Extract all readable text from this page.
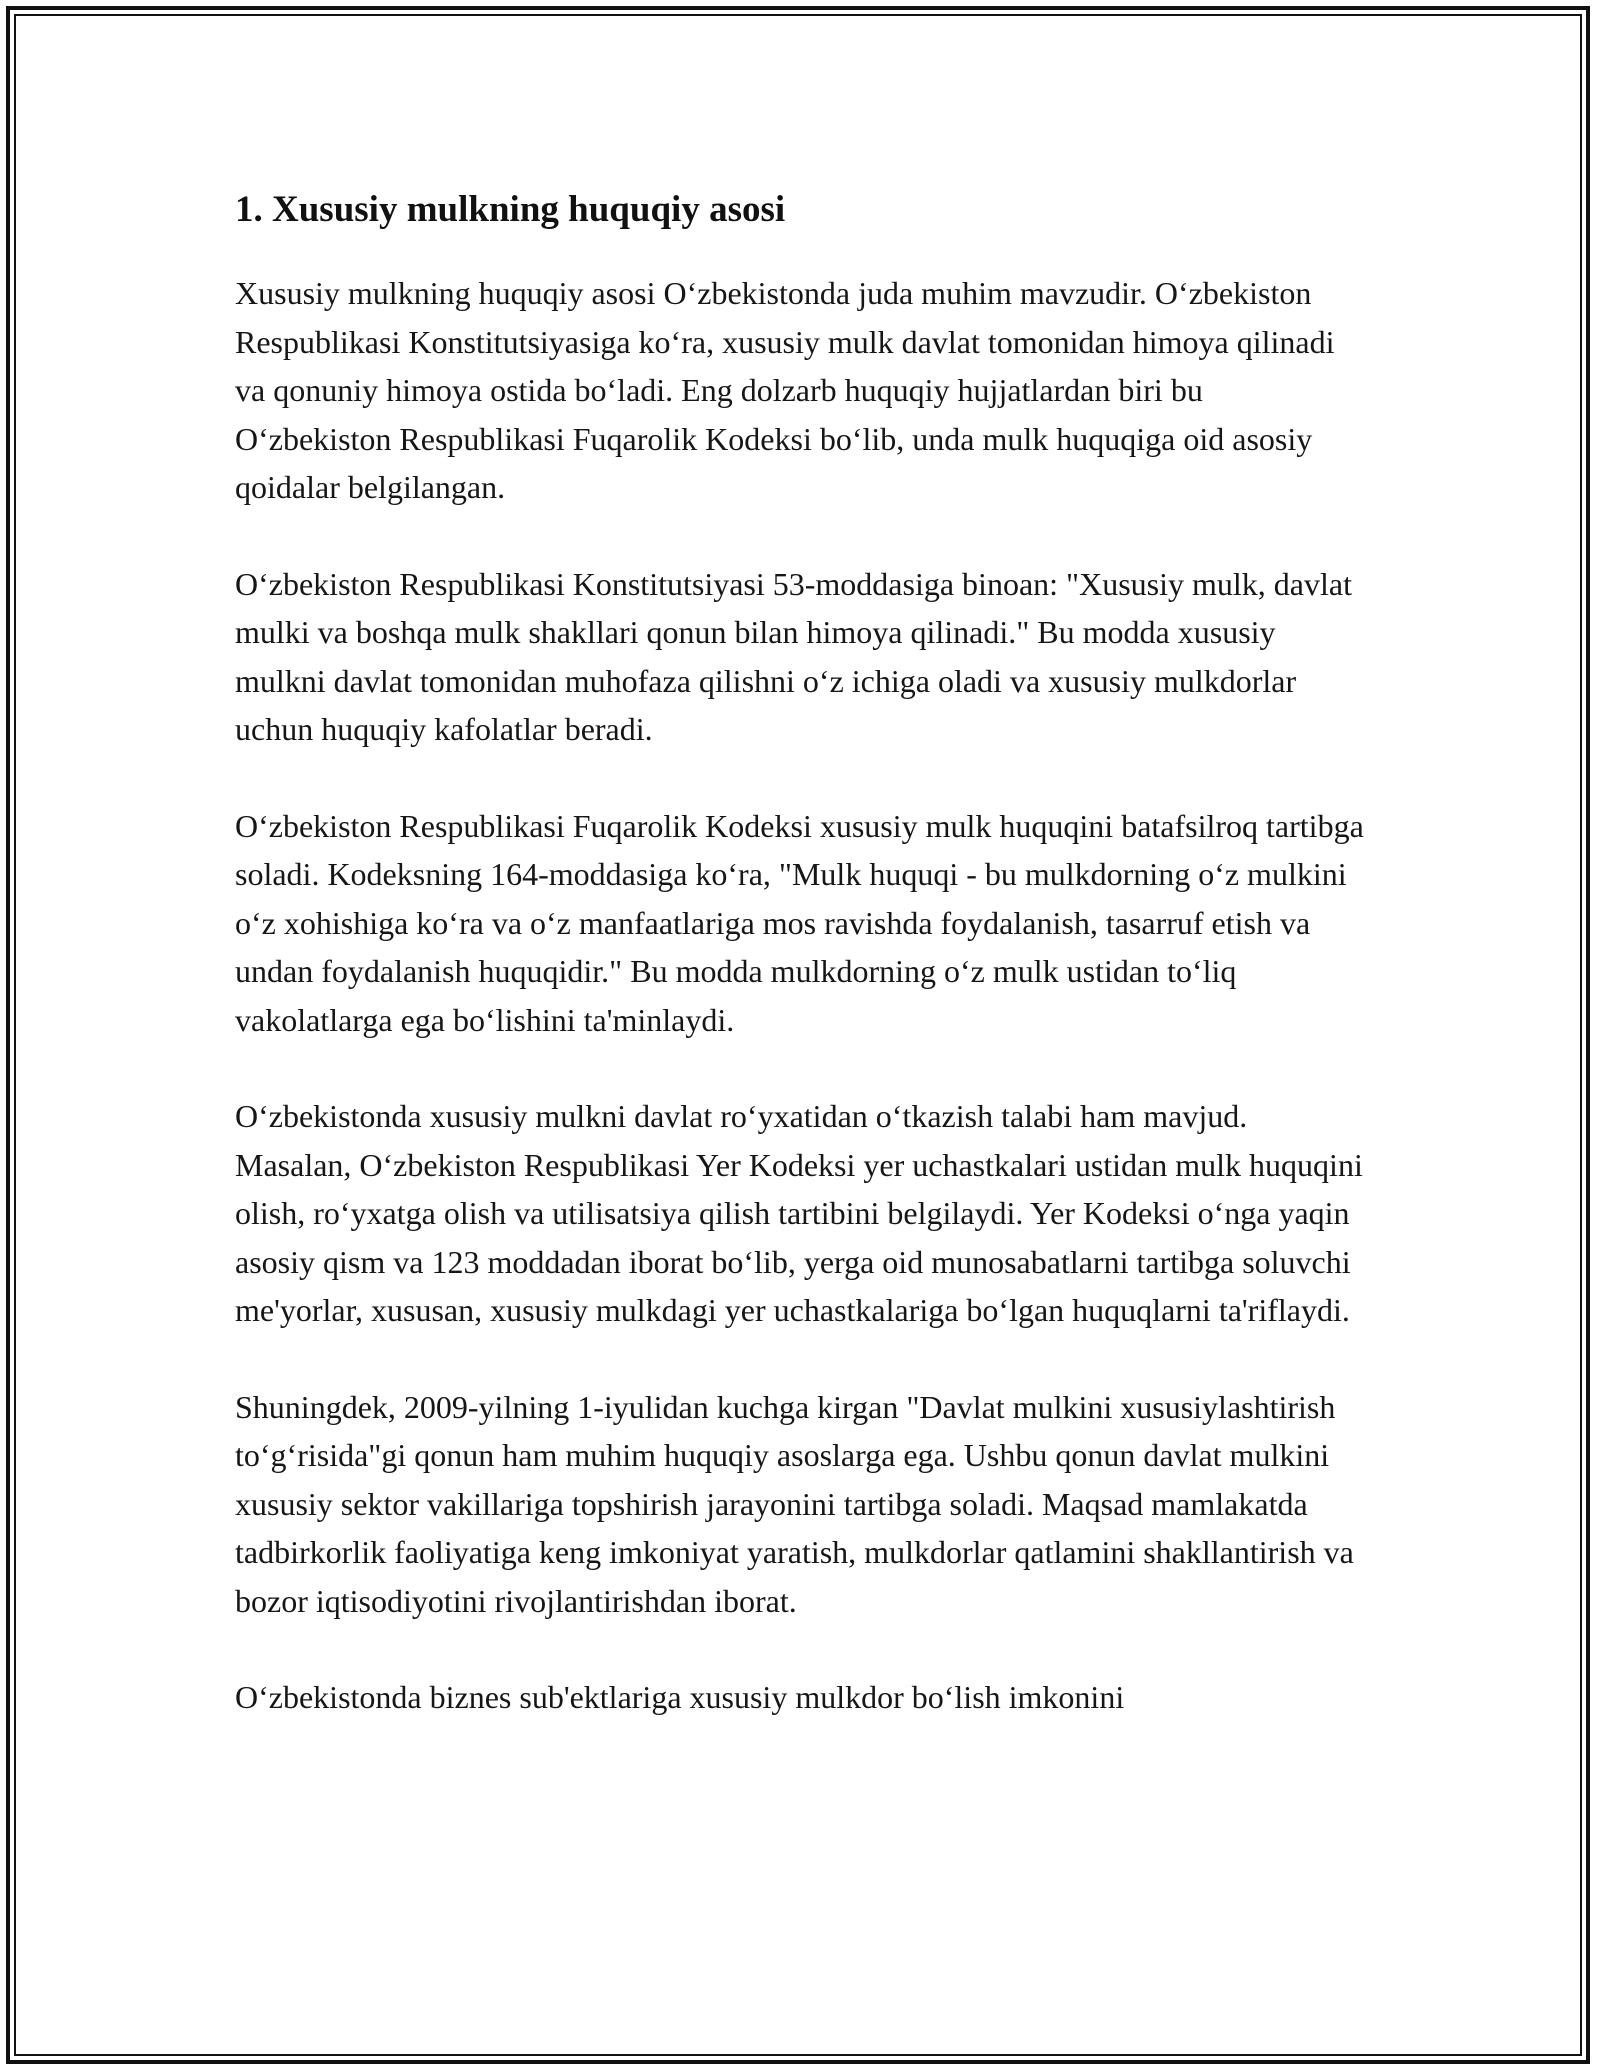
1. Xususiy mulkning huquqiy asosi

Xususiy mulkning huquqiy asosi O‘zbekistonda juda muhim mavzudir. O‘zbekiston Respublikasi Konstitutsiyasiga ko‘ra, xususiy mulk davlat tomonidan himoya qilinadi va qonuniy himoya ostida bo‘ladi. Eng dolzarb huquqiy hujjatlardan biri bu O‘zbekiston Respublikasi Fuqarolik Kodeksi bo‘lib, unda mulk huquqiga oid asosiy qoidalar belgilangan.

O‘zbekiston Respublikasi Konstitutsiyasi 53-moddasiga binoan: "Xususiy mulk, davlat mulki va boshqa mulk shakllari qonun bilan himoya qilinadi." Bu modda xususiy mulkni davlat tomonidan muhofaza qilishni o‘z ichiga oladi va xususiy mulkdorlar uchun huquqiy kafolatlar beradi.

O‘zbekiston Respublikasi Fuqarolik Kodeksi xususiy mulk huquqini batafsilroq tartibga soladi. Kodeksning 164-moddasiga ko‘ra, "Mulk huquqi - bu mulkdorning o‘z mulkini o‘z xohishiga ko‘ra va o‘z manfaatlariga mos ravishda foydalanish, tasarruf etish va undan foydalanish huquqidir." Bu modda mulkdorning o‘z mulk ustidan to‘liq vakolatlarga ega bo‘lishini ta'minlaydi.

O‘zbekistonda xususiy mulkni davlat ro‘yxatidan o‘tkazish talabi ham mavjud. Masalan, O‘zbekiston Respublikasi Yer Kodeksi yer uchastkalari ustidan mulk huquqini olish, ro‘yxatga olish va utilisatsiya qilish tartibini belgilaydi. Yer Kodeksi o‘nga yaqin asosiy qism va 123 moddadan iborat bo‘lib, yerga oid munosabatlarni tartibga soluvchi me'yorlar, xususan, xususiy mulkdagi yer uchastkalariga bo‘lgan huquqlarni ta'riflaydi.

Shuningdek, 2009-yilning 1-iyulidan kuchga kirgan "Davlat mulkini xususiylashtirish to‘g‘risida"gi qonun ham muhim huquqiy asoslarga ega. Ushbu qonun davlat mulkini xususiy sektor vakillariga topshirish jarayonini tartibga soladi. Maqsad mamlakatda tadbirkorlik faoliyatiga keng imkoniyat yaratish, mulkdorlar qatlamini shakllantirish va bozor iqtisodiyotini rivojlantirishdan iborat.

O‘zbekistonda biznes sub'ektlariga xususiy mulkdor bo‘lish imkonini
